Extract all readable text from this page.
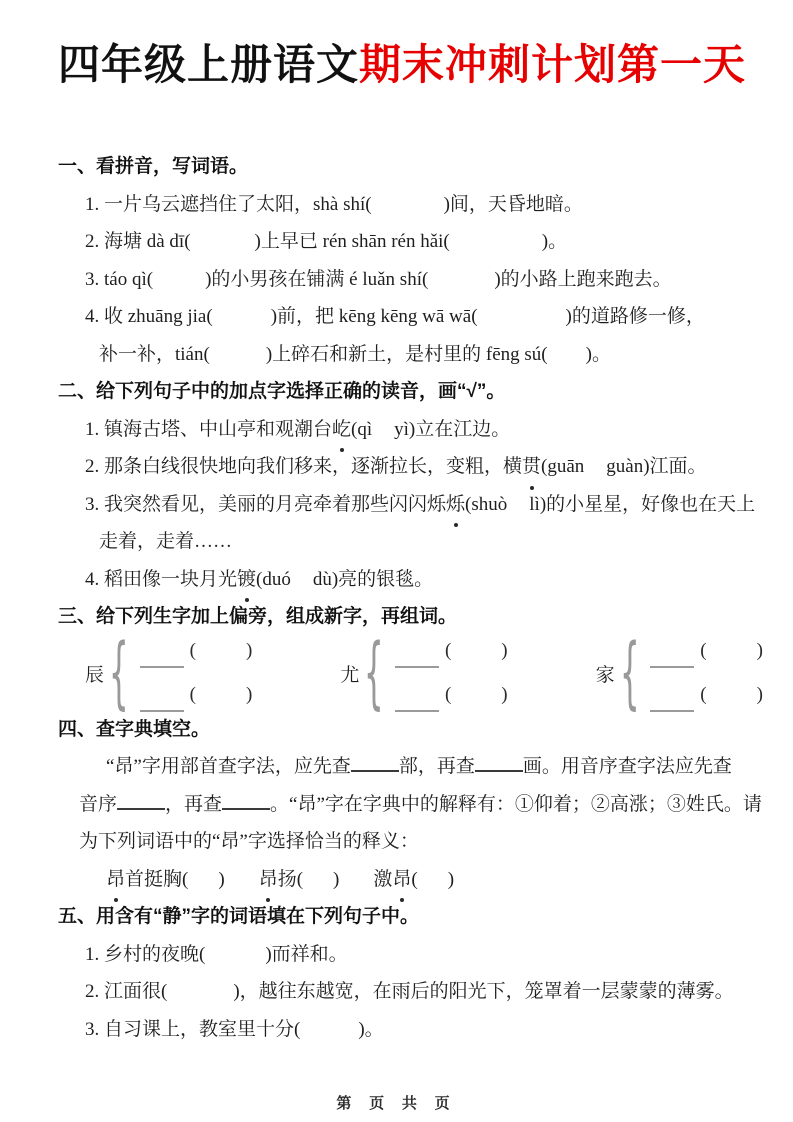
四年级上册语文期末冲刺计划第一天
一、看拼音，写词语。
1. 一片乌云遮挡住了太阳，shà shí(	)间，天昏地暗。
2. 海塘 dà dī(	)上早已 rén shān rén hǎi(	)。
3. táo qì(	)的小男孩在铺满 é luǎn shí(	)的小路上跑来跑去。
4. 收 zhuāng jia(	)前，把 kēng kēng wā wā(	)的道路修一修，
补一补，tián(	)上碎石和新土，是村里的 fēng sú( )。
二、给下列句子中的加点字选择正确的读音，画“√”。
1. 镇海古塔、中山亭和观潮台屹(qì yì)立在江边。
2. 那条白线很快地向我们移来，逐渐拉长，变粗，横贯(guān guàn)江面。
3. 我突然看见，美丽的月亮牵着那些闪闪烁烁(shuò lì)的小星星，好像也在天上
走着，走着……
4. 稻田像一块月光镀(duó dù)亮的银毯。
三、给下列生字加上偏旁，组成新字，再组词。
辰 {	(	)
(	)
尤 {	(	)
(	)
家 {	(	)
(	)
四、查字典填空。
“昂”字用部首查字法，应先查	部，再查	画。用音序查字法应先查
音序	，再查	。“昂”字在字典中的解释有：①仰着；②高涨；③姓氏。请
为下列词语中的“昂”字选择恰当的释义：
昂首挺胸( ) 昂扬( ) 激昂( )
五、用含有“静”字的词语填在下列句子中。
1. 乡村的夜晚(	)而祥和。
2. 江面很(	)，越往东越宽，在雨后的阳光下，笼罩着一层蒙蒙的薄雾。
3. 自习课上，教室里十分(	)。
第 页 共 页
